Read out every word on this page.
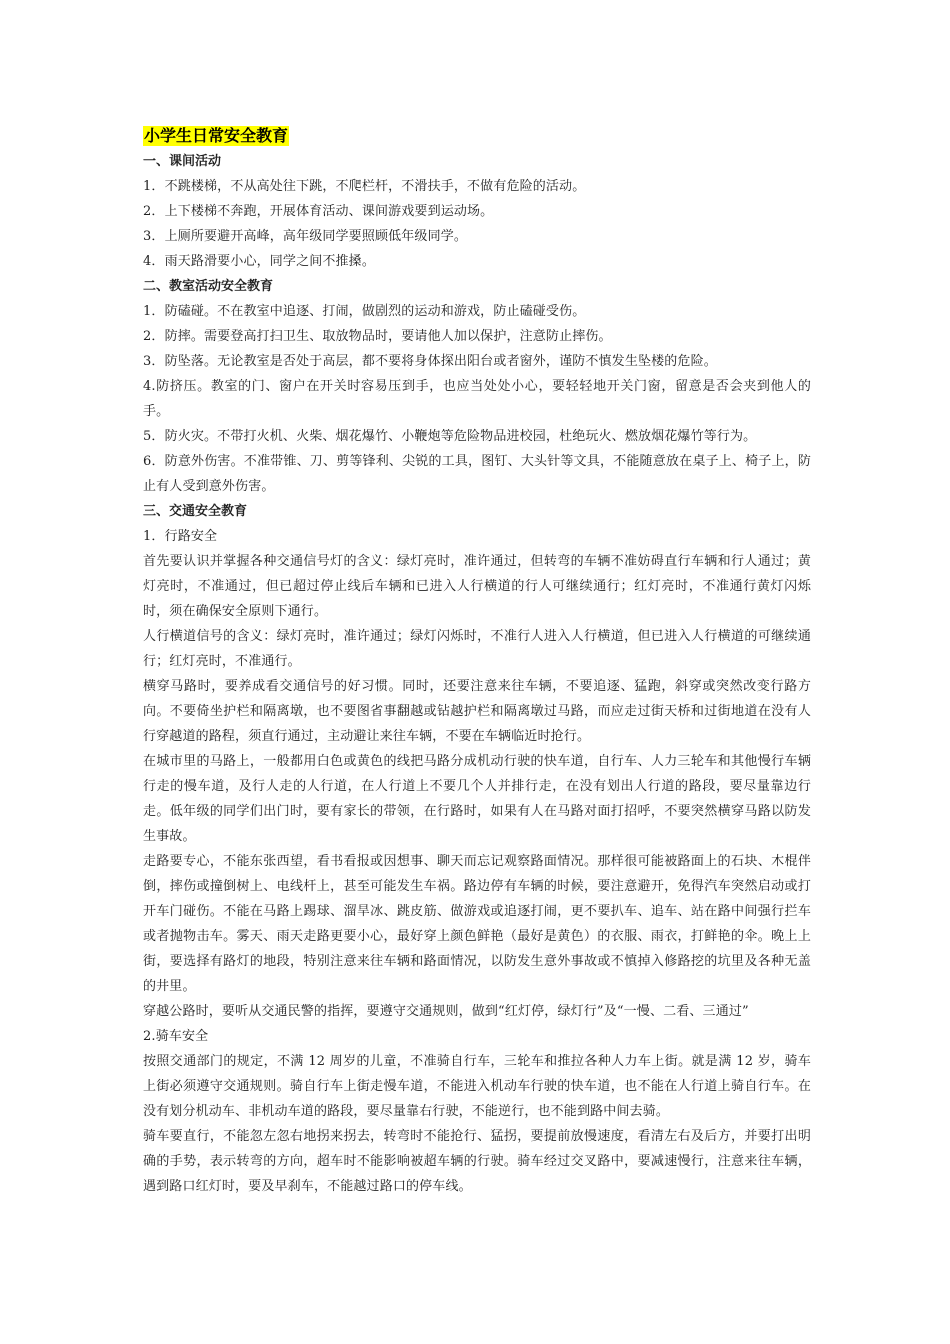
小学生日常安全教育

一、课间活动

1．不跳楼梯，不从高处往下跳，不爬栏杆，不滑扶手，不做有危险的活动。

2．上下楼梯不奔跑，开展体育活动、课间游戏要到运动场。

3．上厕所要避开高峰，高年级同学要照顾低年级同学。

4．雨天路滑要小心，同学之间不推搡。

二、教室活动安全教育

1．防磕碰。不在教室中追逐、打闹，做剧烈的运动和游戏，防止磕碰受伤。

2．防摔。需要登高打扫卫生、取放物品时，要请他人加以保护，注意防止摔伤。

3．防坠落。无论教室是否处于高层，都不要将身体探出阳台或者窗外，谨防不慎发生坠楼的危险。

4.防挤压。教室的门、窗户在开关时容易压到手，也应当处处小心，要轻轻地开关门窗，留意是否会夹到他人的手。

5．防火灾。不带打火机、火柴、烟花爆竹、小鞭炮等危险物品进校园，杜绝玩火、燃放烟花爆竹等行为。

6．防意外伤害。不准带锥、刀、剪等锋利、尖锐的工具，图钉、大头针等文具，不能随意放在桌子上、椅子上，防止有人受到意外伤害。

三、交通安全教育

1．行路安全

首先要认识并掌握各种交通信号灯的含义：绿灯亮时，准许通过，但转弯的车辆不准妨碍直行车辆和行人通过；黄灯亮时，不准通过，但已超过停止线后车辆和已进入人行横道的行人可继续通行；红灯亮时，不准通行黄灯闪烁时，须在确保安全原则下通行。

人行横道信号的含义：绿灯亮时，准许通过；绿灯闪烁时，不准行人进入人行横道，但已进入人行横道的可继续通行；红灯亮时，不准通行。

横穿马路时，要养成看交通信号的好习惯。同时，还要注意来往车辆，不要追逐、猛跑，斜穿或突然改变行路方向。不要倚坐护栏和隔离墩，也不要图省事翻越或钻越护栏和隔离墩过马路，而应走过街天桥和过街地道在没有人行穿越道的路程，须直行通过，主动避让来往车辆，不要在车辆临近时抢行。

在城市里的马路上，一般都用白色或黄色的线把马路分成机动行驶的快车道，自行车、人力三轮车和其他慢行车辆行走的慢车道，及行人走的人行道，在人行道上不要几个人并排行走，在没有划出人行道的路段，要尽量靠边行走。低年级的同学们出门时，要有家长的带领，在行路时，如果有人在马路对面打招呼，不要突然横穿马路以防发生事故。

走路要专心，不能东张西望，看书看报或因想事、聊天而忘记观察路面情况。那样很可能被路面上的石块、木棍伴倒，摔伤或撞倒树上、电线杆上，甚至可能发生车祸。路边停有车辆的时候，要注意避开，免得汽车突然启动或打开车门碰伤。不能在马路上踢球、溜旱冰、跳皮筋、做游戏或追逐打闹，更不要扒车、追车、站在路中间强行拦车或者抛物击车。雾天、雨天走路更要小心，最好穿上颜色鲜艳（最好是黄色）的衣服、雨衣，打鲜艳的伞。晚上上街，要选择有路灯的地段，特别注意来往车辆和路面情况，以防发生意外事故或不慎掉入修路挖的坑里及各种无盖的井里。

穿越公路时，要听从交通民警的指挥，要遵守交通规则，做到“红灯停，绿灯行”及“一慢、二看、三通过”

2.骑车安全

按照交通部门的规定，不满 12 周岁的儿童，不准骑自行车，三轮车和推拉各种人力车上街。就是满 12 岁，骑车上街必须遵守交通规则。骑自行车上街走慢车道，不能进入机动车行驶的快车道，也不能在人行道上骑自行车。在没有划分机动车、非机动车道的路段，要尽量靠右行驶，不能逆行，也不能到路中间去骑。

骑车要直行，不能忽左忽右地拐来拐去，转弯时不能抢行、猛拐，要提前放慢速度，看清左右及后方，并要打出明确的手势，表示转弯的方向，超车时不能影响被超车辆的行驶。骑车经过交叉路中，要减速慢行，注意来往车辆，遇到路口红灯时，要及早刹车，不能越过路口的停车线。
